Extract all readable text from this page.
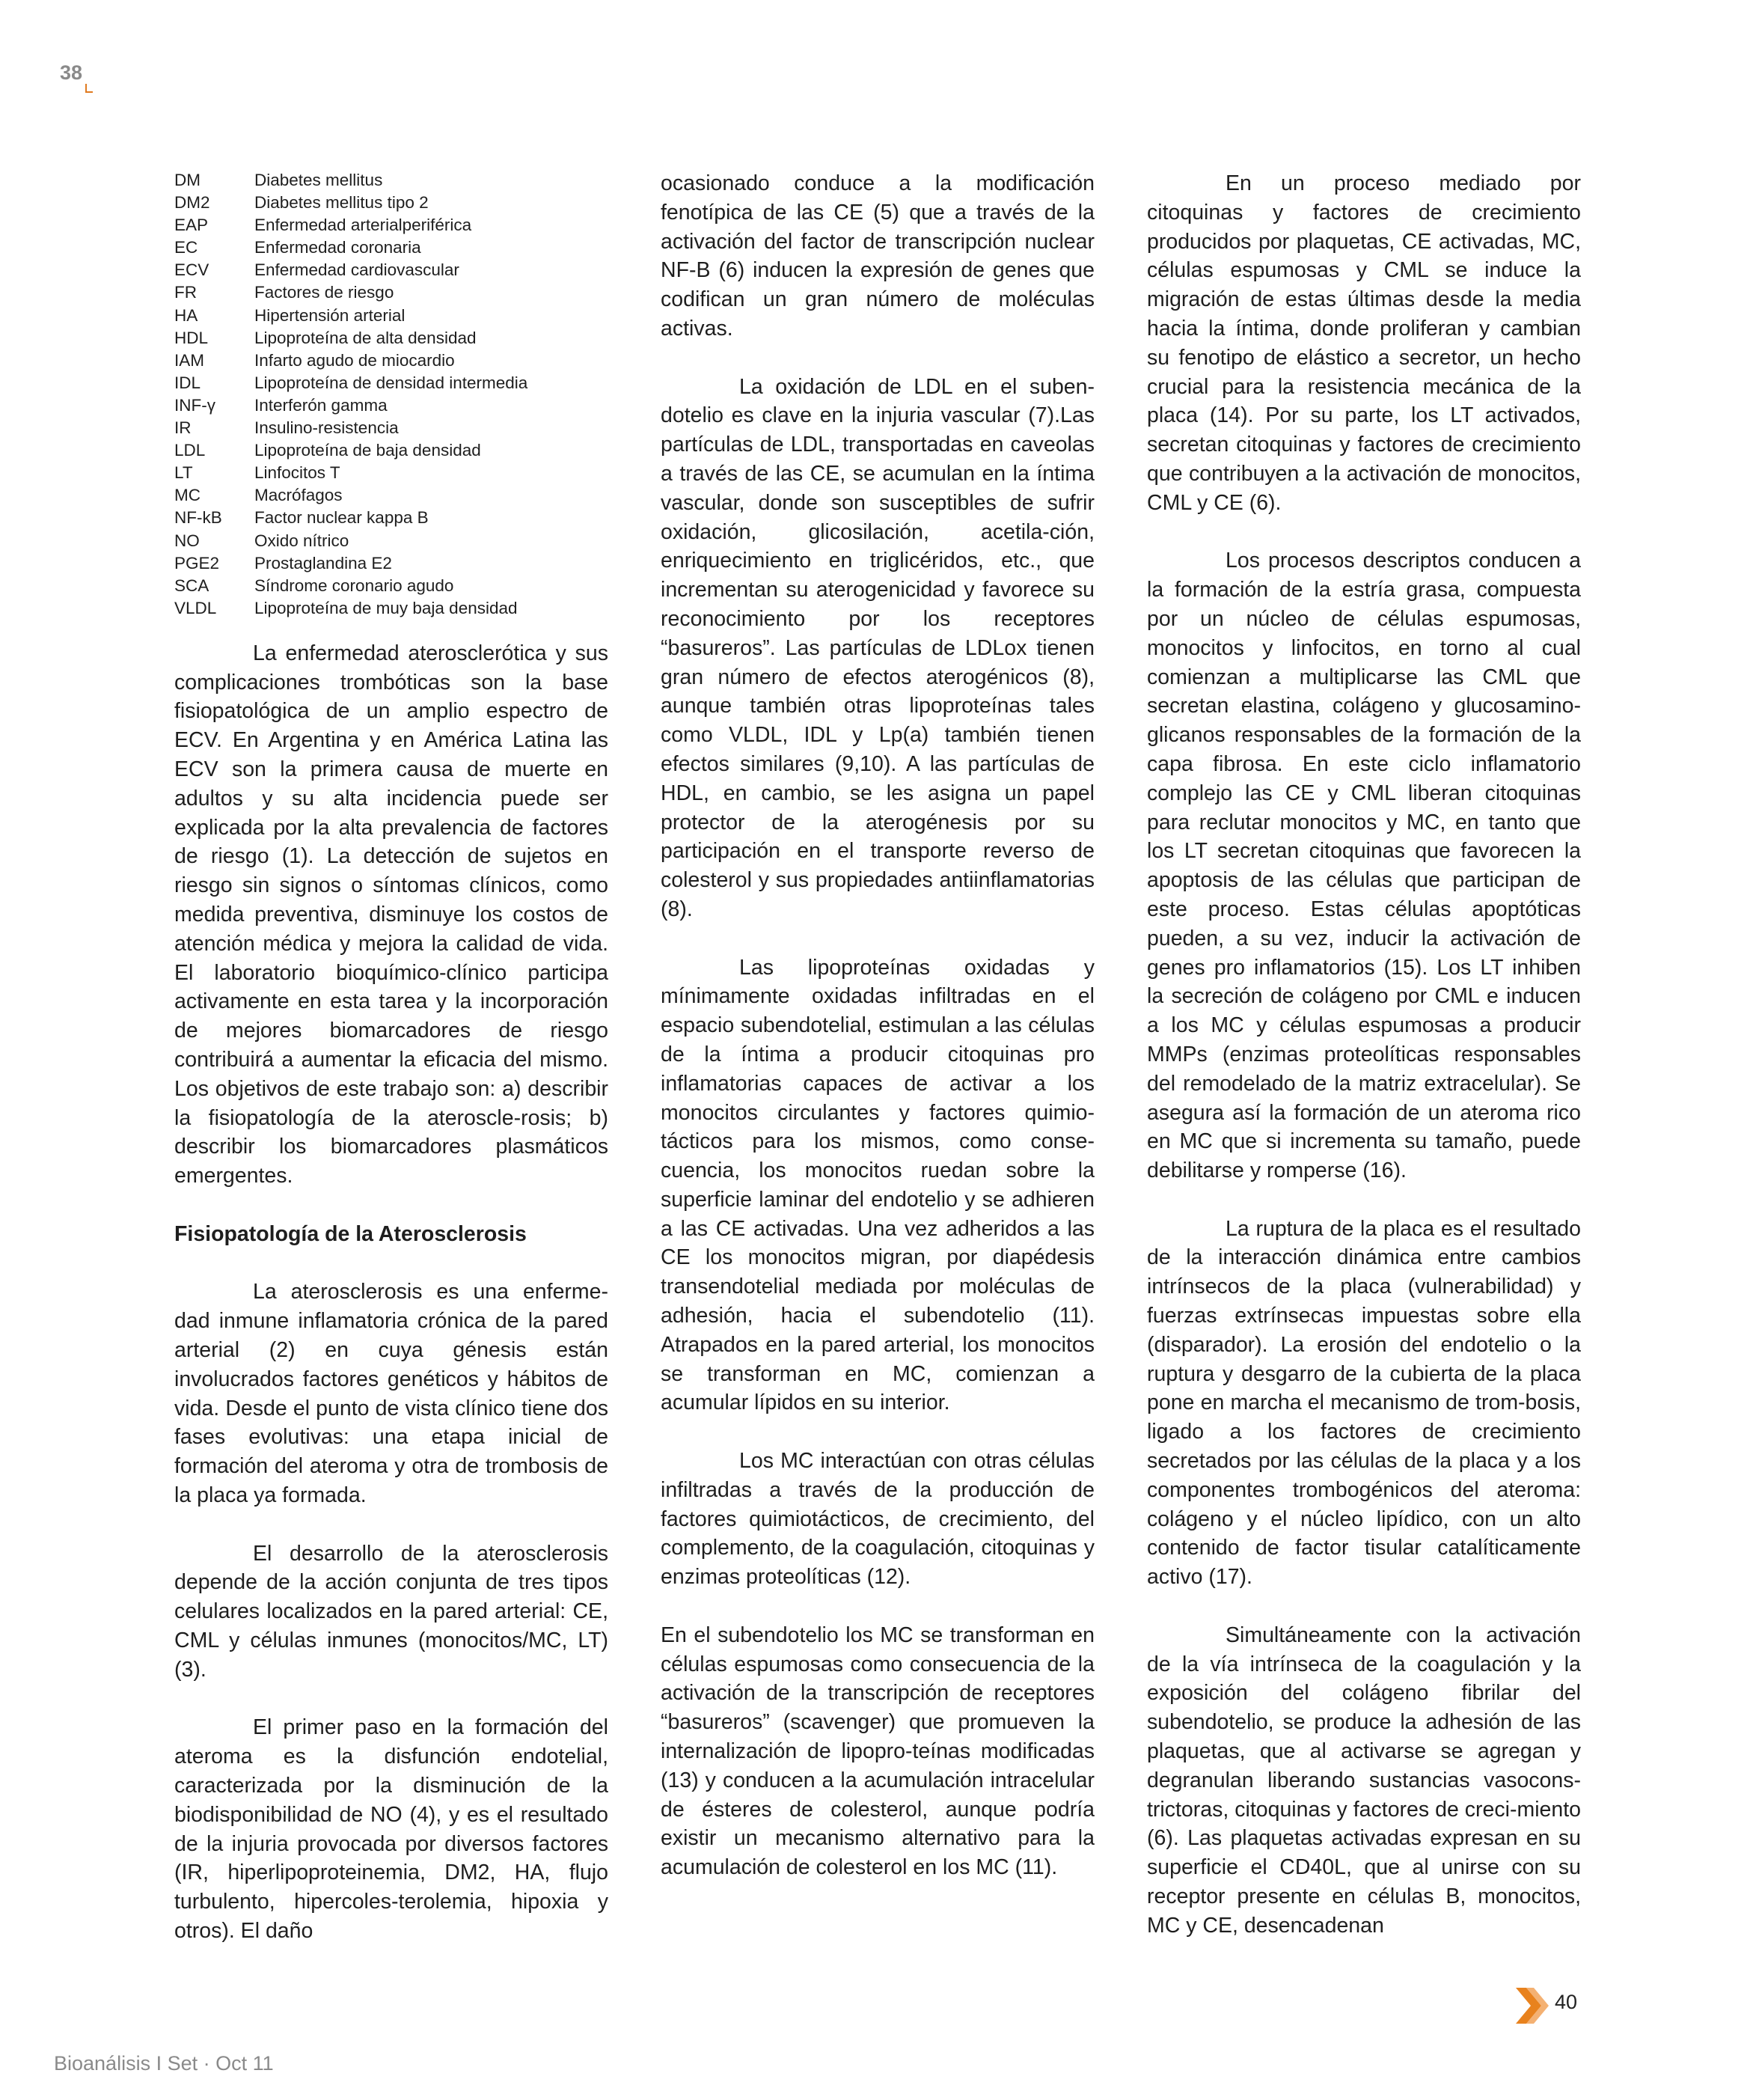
38
DM	Diabetes mellitus
DM2	Diabetes mellitus tipo 2
EAP	Enfermedad arterialperiférica
EC	Enfermedad coronaria
ECV	Enfermedad cardiovascular
FR	Factores de riesgo
HA	Hipertensión arterial
HDL	Lipoproteína de alta densidad
IAM	Infarto agudo de miocardio
IDL	Lipoproteína de densidad intermedia
INF-γ	Interferón gamma
IR	Insulino-resistencia
LDL	Lipoproteína de baja densidad
LT	Linfocitos T
MC	Macrófagos
NF-kB	Factor nuclear kappa B
NO	Oxido nítrico
PGE2	Prostaglandina E2
SCA	Síndrome coronario agudo
VLDL	Lipoproteína de muy baja densidad

La enfermedad aterosclerótica y sus complicaciones trombóticas son la base fisiopatológica de un amplio espectro de ECV. En Argentina y en América Latina las ECV son la primera causa de muerte en adultos y su alta incidencia puede ser explicada por la alta prevalencia de factores de riesgo (1). La detección de sujetos en riesgo sin signos o síntomas clínicos, como medida preventiva, disminuye los costos de atención médica y mejora la calidad de vida. El laboratorio bioquímico-clínico participa activamente en esta tarea y la incorporación de mejores biomarcadores de riesgo contribuirá a aumentar la eficacia del mismo. Los objetivos de este trabajo son: a) describir la fisiopatología de la ateroscle-rosis; b) describir los biomarcadores plasmáticos emergentes.

Fisiopatología de la Aterosclerosis

La aterosclerosis es una enferme-dad inmune inflamatoria crónica de la pared arterial (2) en cuya génesis están involucrados factores genéticos y hábitos de vida. Desde el punto de vista clínico tiene dos fases evolutivas: una etapa inicial de formación del ateroma y otra de trombosis de la placa ya formada.

El desarrollo de la aterosclerosis depende de la acción conjunta de tres tipos celulares localizados en la pared arterial: CE, CML y células inmunes (monocitos/MC, LT) (3).

El primer paso en la formación del ateroma es la disfunción endotelial, caracterizada por la disminución de la biodisponibilidad de NO (4), y es el resultado de la injuria provocada por diversos factores (IR, hiperlipoproteinemia, DM2, HA, flujo turbulento, hipercoles-terolemia, hipoxia y otros). El daño

ocasionado conduce a la modificación fenotípica de las CE (5) que a través de la activación del factor de transcripción nuclear NF-B (6) inducen la expresión de genes que codifican un gran número de moléculas activas.

La oxidación de LDL en el suben-dotelio es clave en la injuria vascular (7).Las partículas de LDL, transportadas en caveolas a través de las CE, se acumulan en la íntima vascular, donde son susceptibles de sufrir oxidación, glicosilación, acetila-ción, enriquecimiento en triglicéridos, etc., que incrementan su aterogenicidad y favorece su reconocimiento por los receptores “basureros”. Las partículas de LDLox tienen gran número de efectos aterogénicos (8), aunque también otras lipoproteínas tales como VLDL, IDL y Lp(a) también tienen efectos similares (9,10). A las partículas de HDL, en cambio, se les asigna un papel protector de la aterogénesis por su participación en el transporte reverso de colesterol y sus propiedades antiinflamatorias (8).

Las lipoproteínas oxidadas y mínimamente oxidadas infiltradas en el espacio subendotelial, estimulan a las células de la íntima a producir citoquinas pro inflamatorias capaces de activar a los monocitos circulantes y factores quimio-tácticos para los mismos, como conse-cuencia, los monocitos ruedan sobre la superficie laminar del endotelio y se adhieren a las CE activadas. Una vez adheridos a las CE los monocitos migran, por diapédesis transendotelial mediada por moléculas de adhesión, hacia el subendotelio (11). Atrapados en la pared arterial, los monocitos se transforman en MC, comienzan a acumular lípidos en su interior.

Los MC interactúan con otras células infiltradas a través de la producción de factores quimiotácticos, de crecimiento, del complemento, de la coagulación, citoquinas y enzimas proteolíticas (12).

En el subendotelio los MC se transforman en células espumosas como consecuencia de la activación de la transcripción de receptores “basureros” (scavenger) que promueven la internalización de lipopro-teínas modificadas (13) y conducen a la acumulación intracelular de ésteres de colesterol, aunque podría existir un mecanismo alternativo para la acumulación de colesterol en los MC (11).

En un proceso mediado por citoquinas y factores de crecimiento producidos por plaquetas, CE activadas, MC, células espumosas y CML se induce la migración de estas últimas desde la media hacia la íntima, donde proliferan y cambian su fenotipo de elástico a secretor, un hecho crucial para la resistencia mecánica de la placa (14). Por su parte, los LT activados, secretan citoquinas y factores de crecimiento que contribuyen a la activación de monocitos, CML y CE (6).

Los procesos descriptos conducen a la formación de la estría grasa, compuesta por un núcleo de células espumosas, monocitos y linfocitos, en torno al cual comienzan a multiplicarse las CML que secretan elastina, colágeno y glucosamino-glicanos responsables de la formación de la capa fibrosa. En este ciclo inflamatorio complejo las CE y CML liberan citoquinas para reclutar monocitos y MC, en tanto que los LT secretan citoquinas que favorecen la apoptosis de las células que participan de este proceso. Estas células apoptóticas pueden, a su vez, inducir la activación de genes pro inflamatorios (15). Los LT inhiben la secreción de colágeno por CML e inducen a los MC y células espumosas a producir MMPs (enzimas proteolíticas responsables del remodelado de la matriz extracelular). Se asegura así la formación de un ateroma rico en MC que si incrementa su tamaño, puede debilitarse y romperse (16).

La ruptura de la placa es el resultado de la interacción dinámica entre cambios intrínsecos de la placa (vulnerabilidad) y fuerzas extrínsecas impuestas sobre ella (disparador). La erosión del endotelio o la ruptura y desgarro de la cubierta de la placa pone en marcha el mecanismo de trom-bosis, ligado a los factores de crecimiento secretados por las células de la placa y a los componentes trombogénicos del ateroma: colágeno y el núcleo lipídico, con un alto contenido de factor tisular catalíticamente activo (17).

Simultáneamente con la activación de la vía intrínseca de la coagulación y la exposición del colágeno fibrilar del subendotelio, se produce la adhesión de las plaquetas, que al activarse se agregan y degranulan liberando sustancias vasocons-trictoras, citoquinas y factores de creci-miento (6). Las plaquetas activadas expresan en su superficie el CD40L, que al unirse con su receptor presente en células B, monocitos, MC y CE, desencadenan

Bioanálisis I Set · Oct 11
40
